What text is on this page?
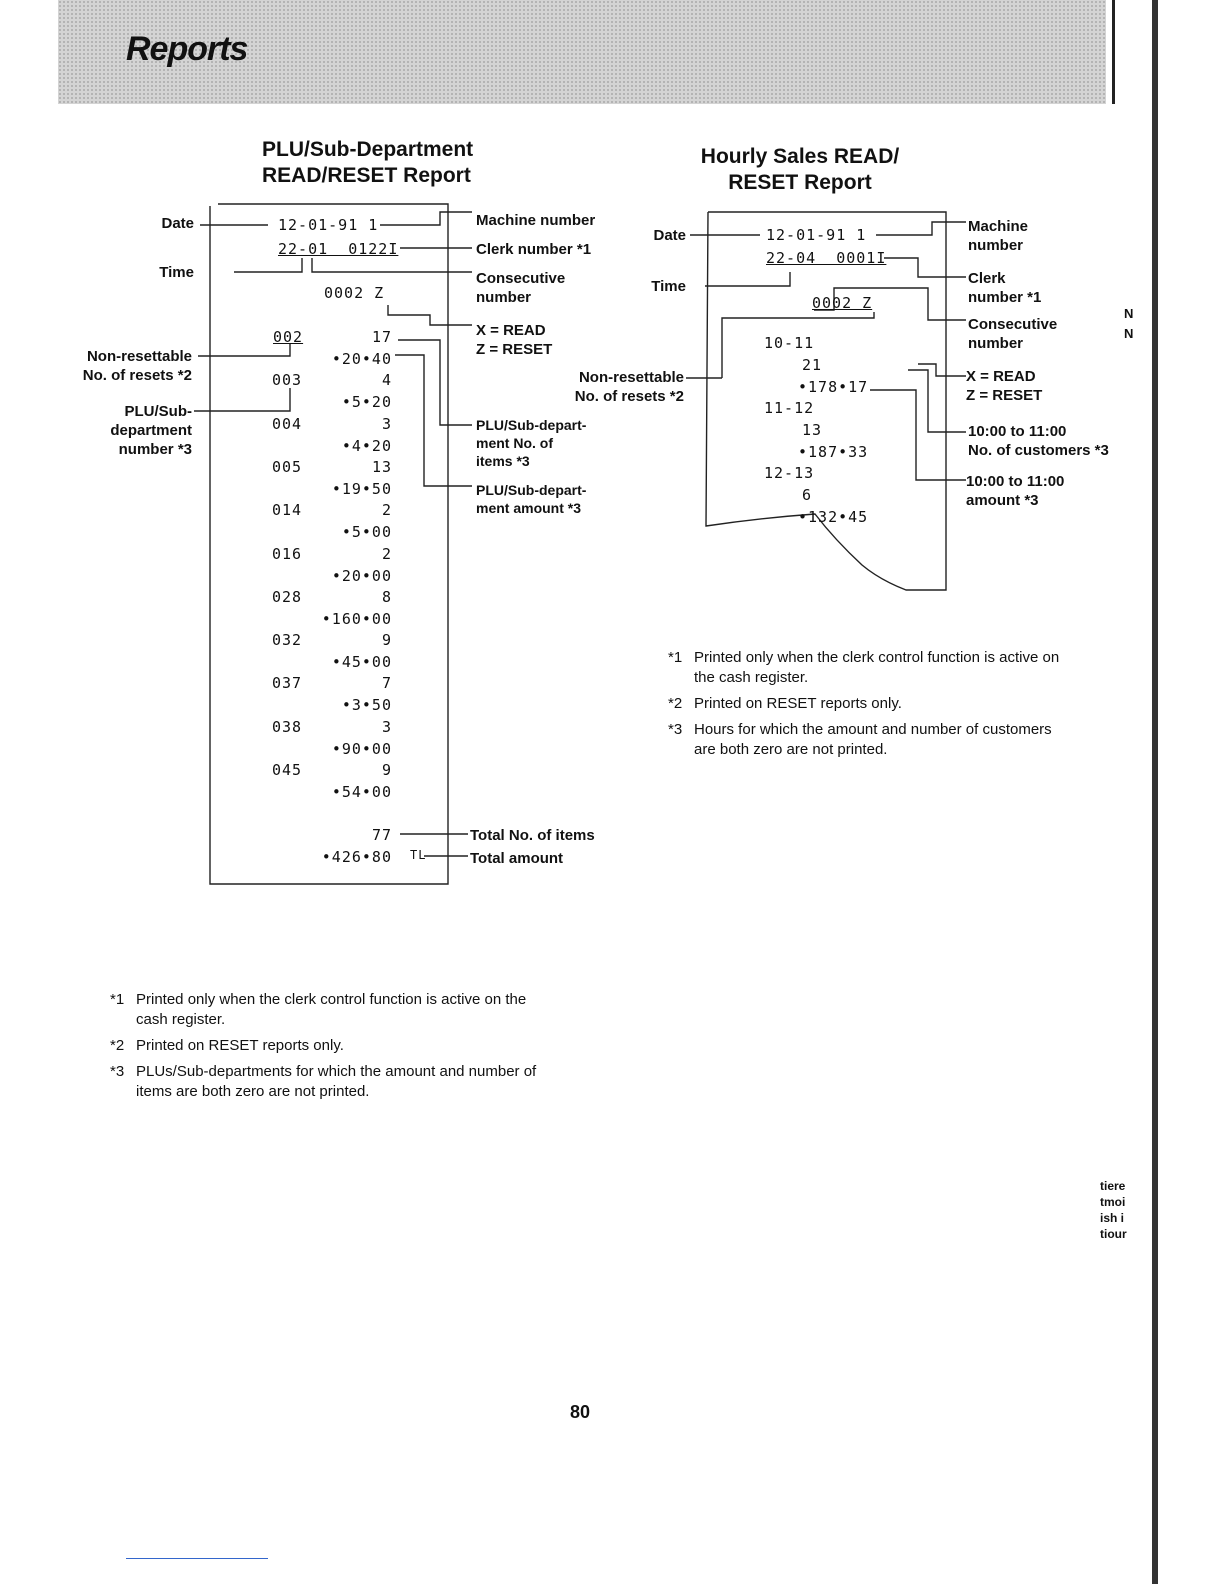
Reports
PLU/Sub-Department
READ/RESET Report
Date
Time
Non-resettable
No. of resets *2
PLU/Sub-
department
number *3
Machine number
Clerk number *1
Consecutive
number
X = READ
Z = RESET
PLU/Sub-depart-
ment No. of
items *3
PLU/Sub-depart-
ment amount *3
Total No. of items
Total amount
12-01-91 1
22-01  0122I
0002 Z
002	17
•20•40
003	4
•5•20
004	3
•4•20
005	13
•19•50
014	2
•5•00
016	2
•20•00
028	8
•160•00
032	9
•45•00
037	7
•3•50
038	3
•90•00
045	9
•54•00
77
•426•80 TL
*1 Printed only when the clerk control function is active on the cash register.
*2 Printed on RESET reports only.
*3 PLUs/Sub-departments for which the amount and number of items are both zero are not printed.
Hourly Sales READ/
RESET Report
Date
Time
Non-resettable
No. of resets *2
Machine
number
Clerk
number *1
Consecutive
number
X = READ
Z = RESET
10:00 to 11:00
No. of customers *3
10:00 to 11:00
amount *3
12-01-91 1
22-04  0001I
0002 Z
10-11
21
•178•17
11-12
13
•187•33
12-13
6
•132•45
*1 Printed only when the clerk control function is active on the cash register.
*2 Printed on RESET reports only.
*3 Hours for which the amount and number of customers are both zero are not printed.
N
N
tiere
tmoi
ish i
tiour
80
